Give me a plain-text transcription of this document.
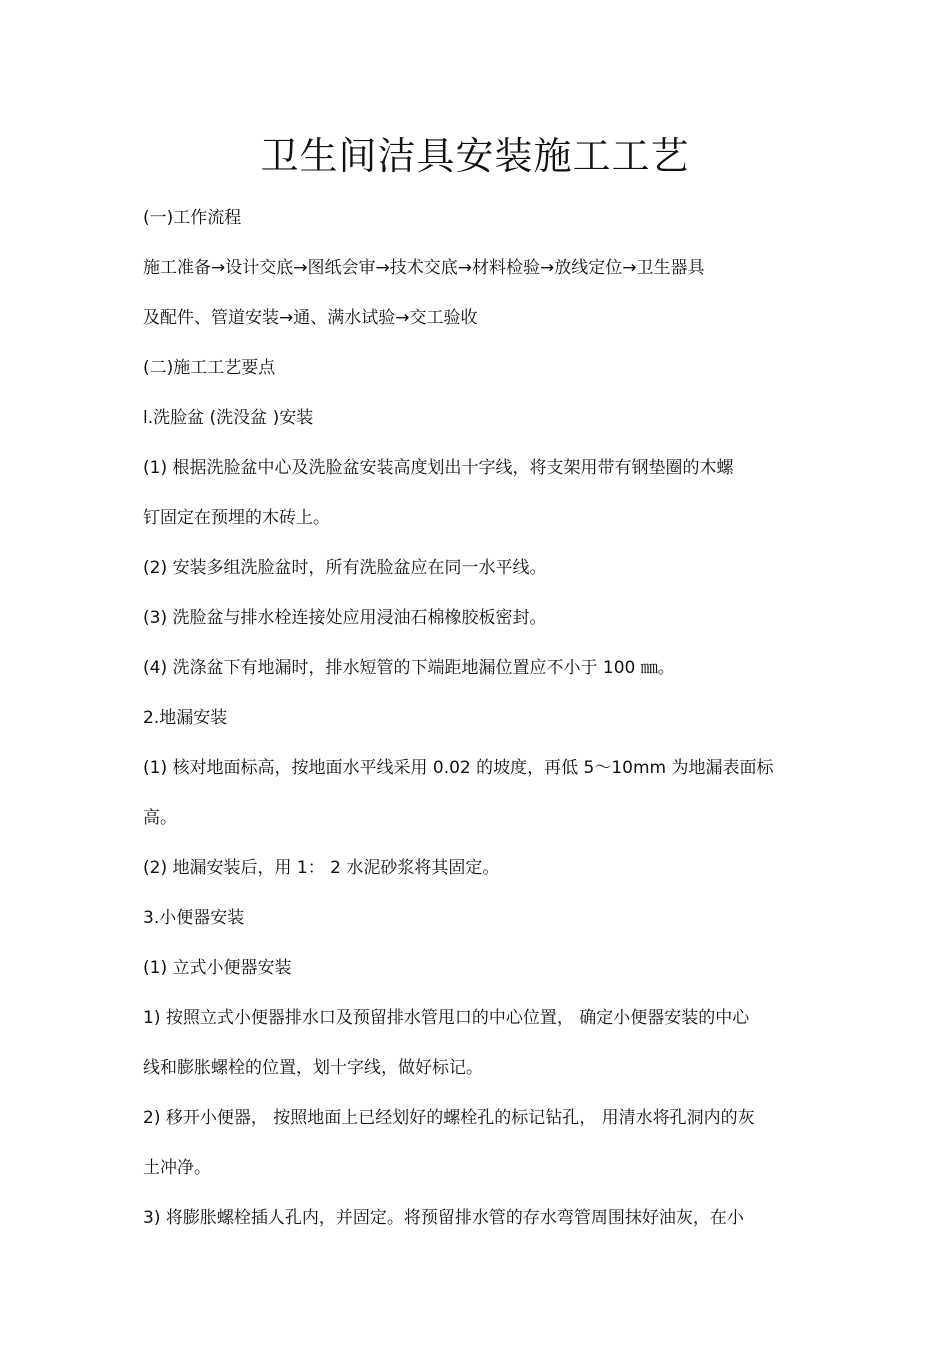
卫生间洁具安装施工工艺
(一)工作流程
施工准备→设计交底→图纸会审→技术交底→材料检验→放线定位→卫生器具
及配件、管道安装→通、满水试验→交工验收
(二)施工工艺要点
l.洗脸盆 (洗没盆 )安装
(1) 根据洗脸盆中心及洗脸盆安装高度划出十字线，将支架用带有钢垫圈的木螺
钉固定在预埋的木砖上。
(2) 安装多组洗脸盆时，所有洗脸盆应在同一水平线。
(3) 洗脸盆与排水栓连接处应用浸油石棉橡胶板密封。
(4) 洗涤盆下有地漏时，排水短管的下端距地漏位置应不小于 100 ㎜。
2.地漏安装
(1) 核对地面标高，按地面水平线采用 0.02 的坡度，再低 5～10mm 为地漏表面标
高。
(2) 地漏安装后，用 1： 2 水泥砂浆将其固定。
3.小便器安装
(1) 立式小便器安装
1) 按照立式小便器排水口及预留排水管甩口的中心位置， 确定小便器安装的中心
线和膨胀螺栓的位置，划十字线，做好标记。
2) 移开小便器， 按照地面上已经划好的螺栓孔的标记钻孔， 用清水将孔洞内的灰
土冲净。
3) 将膨胀螺栓插人孔内，并固定。将预留排水管的存水弯管周围抹好油灰，在小
